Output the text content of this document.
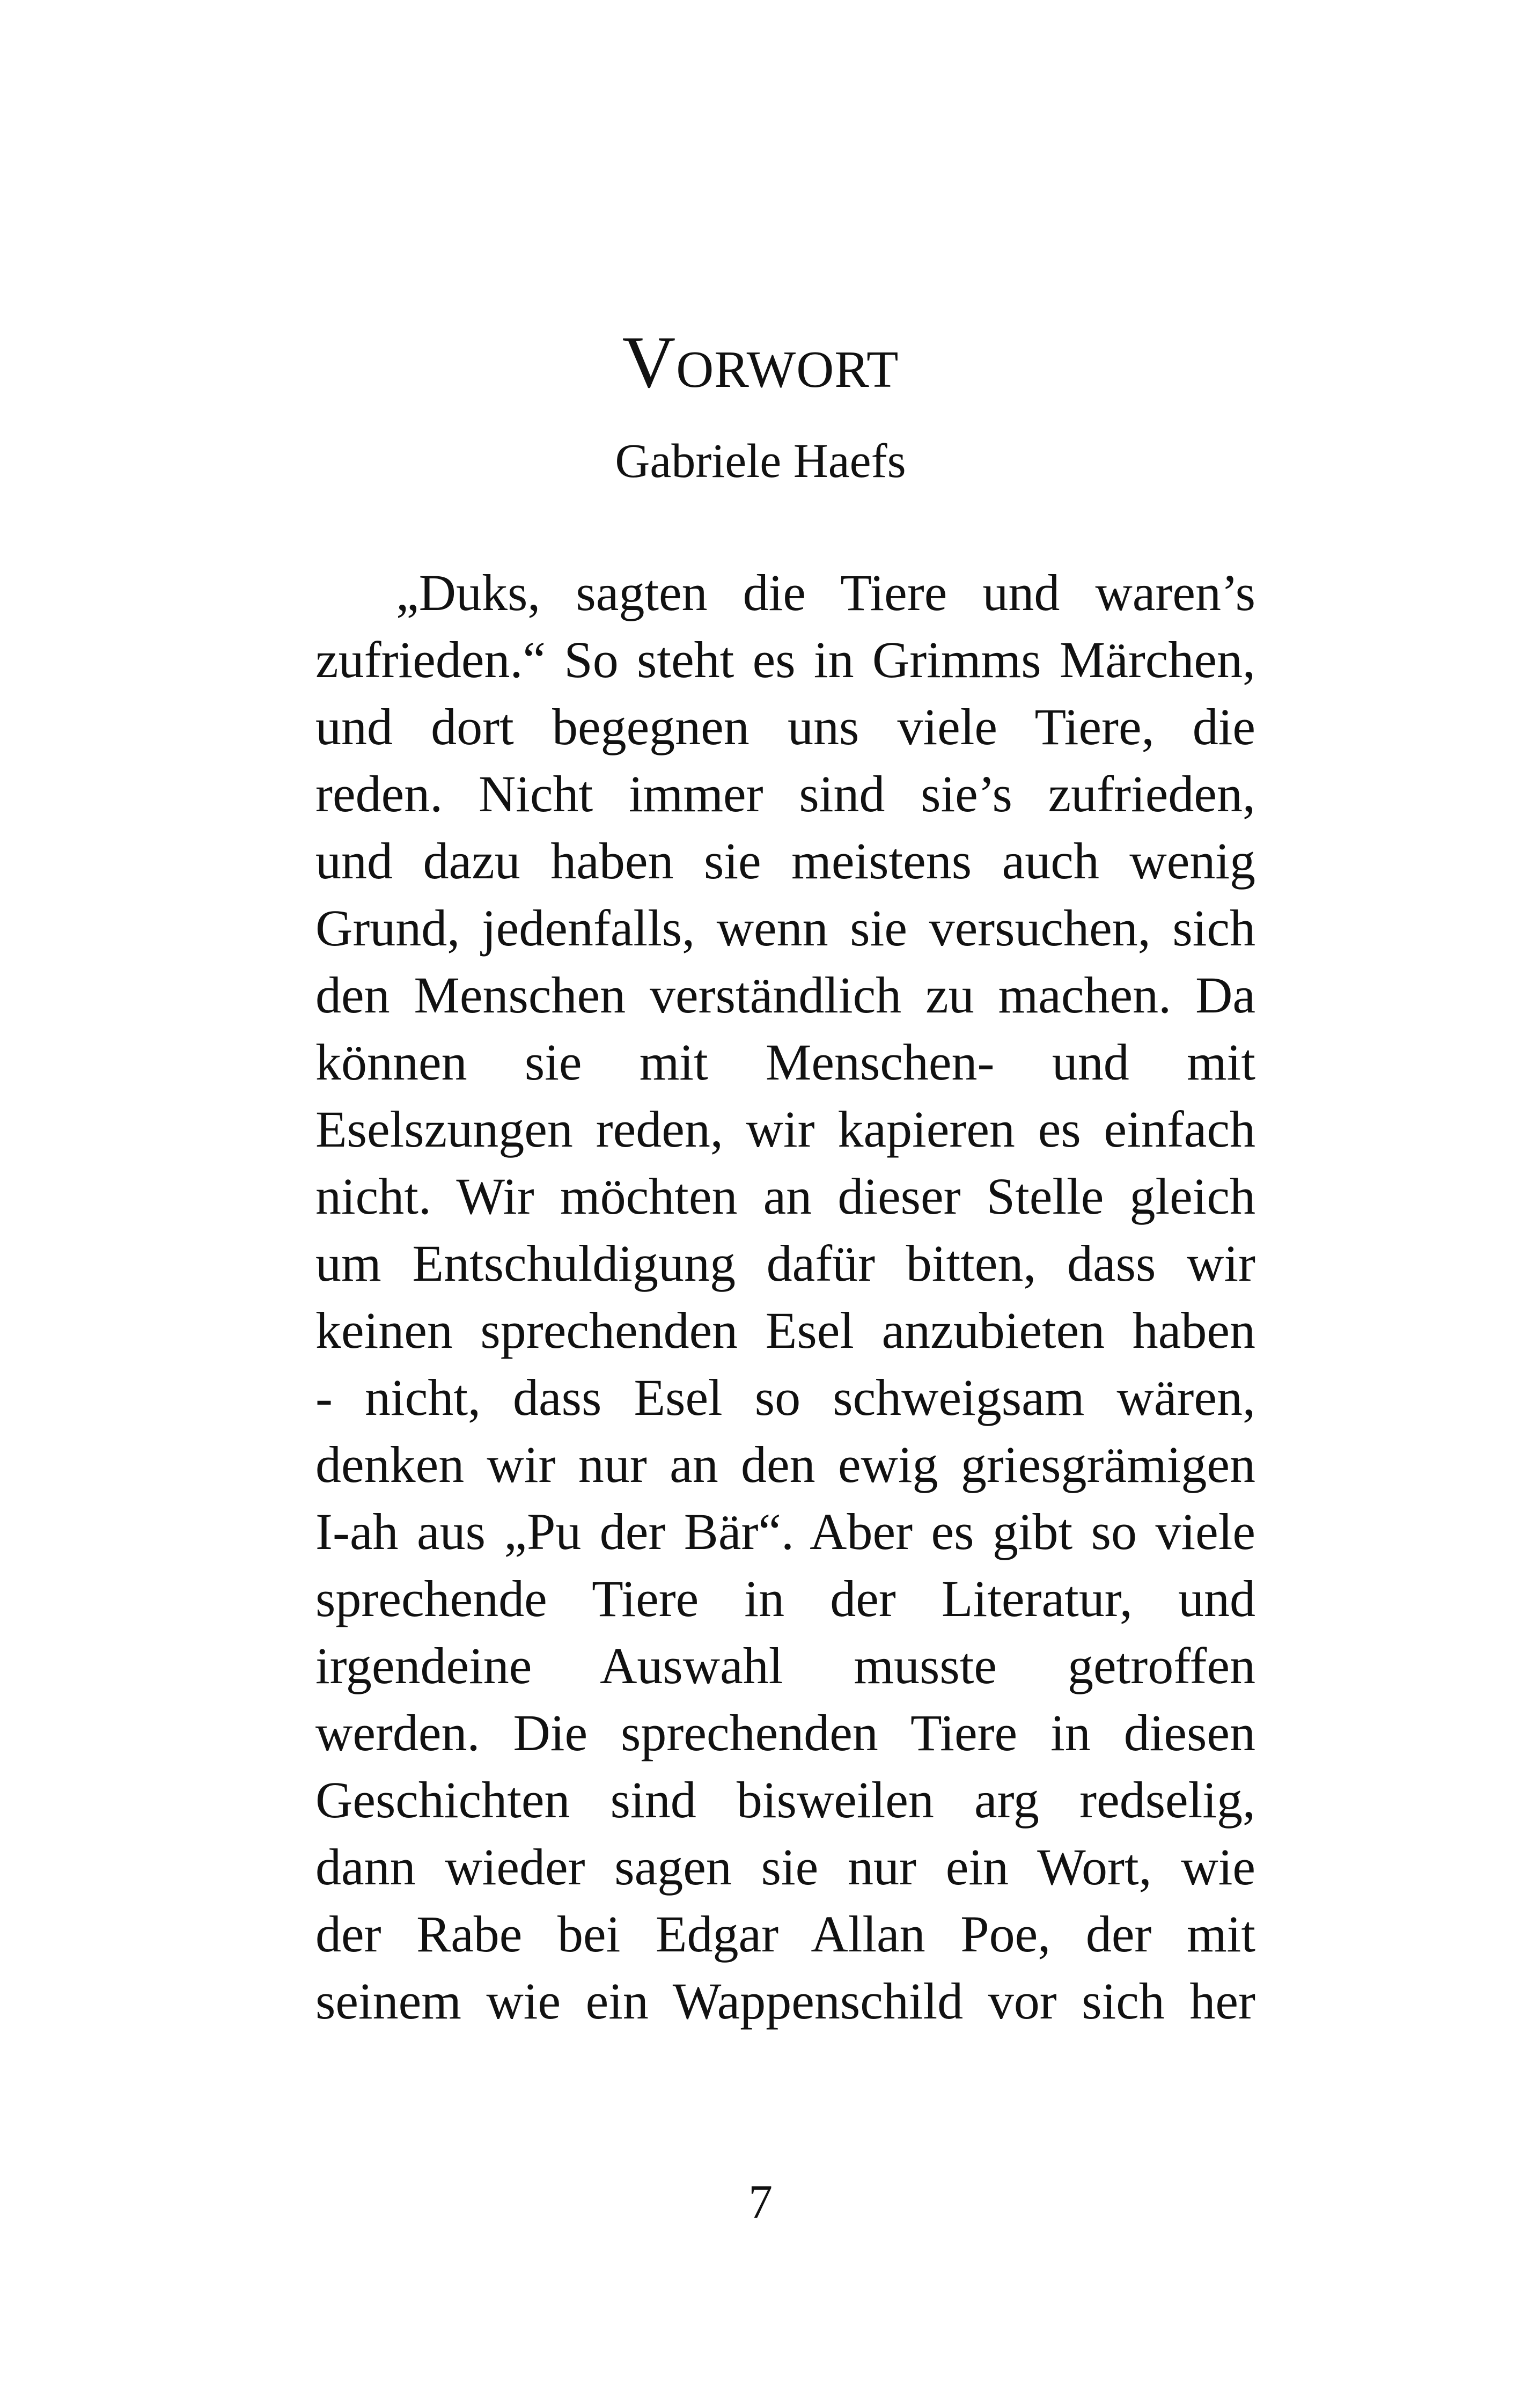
Vorwort
Gabriele Haefs
„Duks, sagten die Tiere und waren’s
zufrieden.“ So steht es in Grimms Märchen,
und dort begegnen uns viele Tiere, die
reden. Nicht immer sind sie’s zufrieden,
und dazu haben sie meistens auch wenig
Grund, jedenfalls, wenn sie versuchen, sich
den Menschen verständlich zu machen. Da
können sie mit Menschen- und mit
Eselszungen reden, wir kapieren es einfach
nicht. Wir möchten an dieser Stelle gleich
um Entschuldigung dafür bitten, dass wir
keinen sprechenden Esel anzubieten haben
- nicht, dass Esel so schweigsam wären,
denken wir nur an den ewig griesgrämigen
I-ah aus „Pu der Bär“. Aber es gibt so viele
sprechende Tiere in der Literatur, und
irgendeine Auswahl musste getroffen
werden. Die sprechenden Tiere in diesen
Geschichten sind bisweilen arg redselig,
dann wieder sagen sie nur ein Wort, wie
der Rabe bei Edgar Allan Poe, der mit
seinem wie ein Wappenschild vor sich her
7
